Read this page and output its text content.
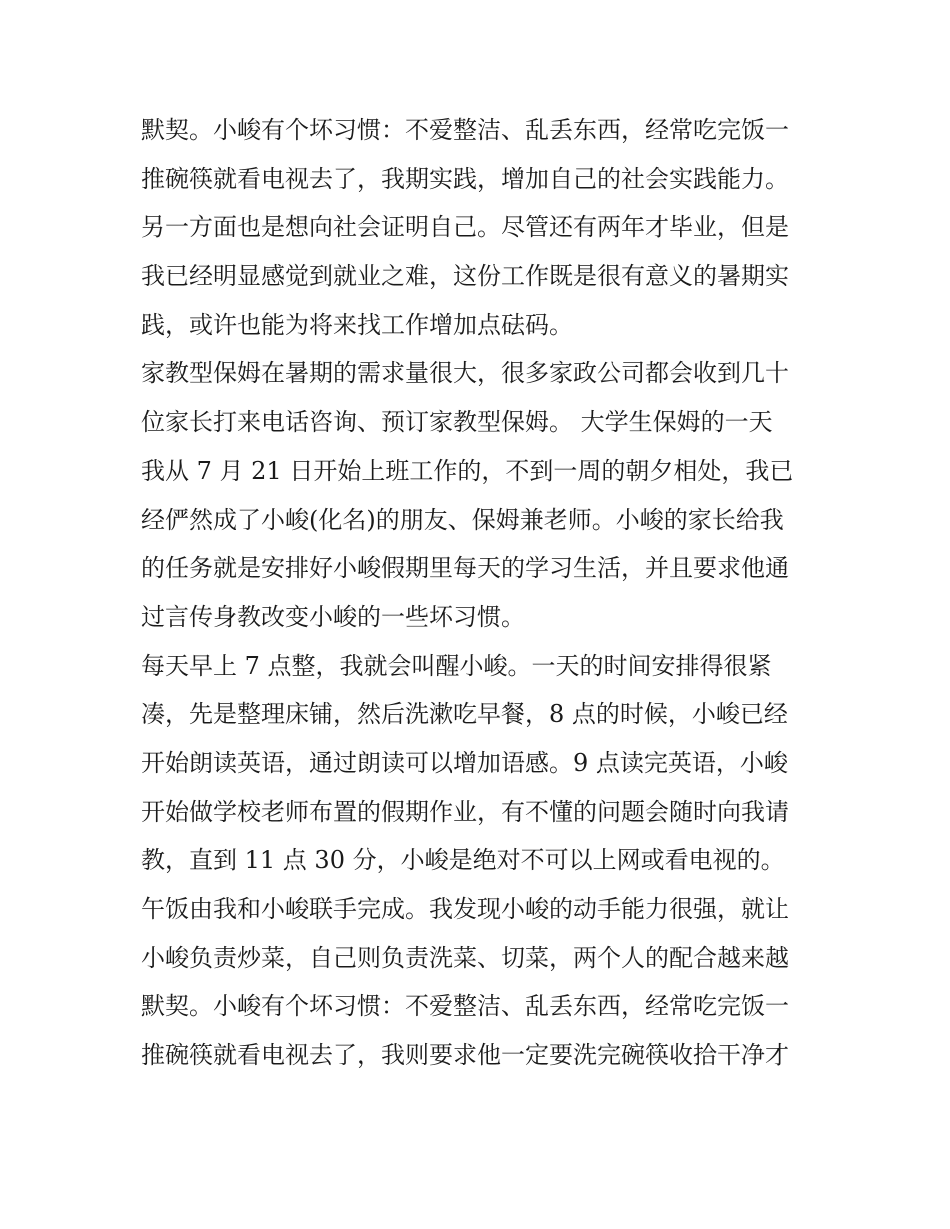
默契。小峻有个坏习惯：不爱整洁、乱丢东西，经常吃完饭一
推碗筷就看电视去了，我期实践，增加自己的社会实践能力。
另一方面也是想向社会证明自己。尽管还有两年才毕业，但是
我已经明显感觉到就业之难，这份工作既是很有意义的暑期实
践，或许也能为将来找工作增加点砝码。
家教型保姆在暑期的需求量很大，很多家政公司都会收到几十
位家长打来电话咨询、预订家教型保姆。 大学生保姆的一天
我从 7 月 21 日开始上班工作的，不到一周的朝夕相处，我已
经俨然成了小峻(化名)的朋友、保姆兼老师。小峻的家长给我
的任务就是安排好小峻假期里每天的学习生活，并且要求他通
过言传身教改变小峻的一些坏习惯。
每天早上 7 点整，我就会叫醒小峻。一天的时间安排得很紧
凑，先是整理床铺，然后洗漱吃早餐，8 点的时候，小峻已经
开始朗读英语，通过朗读可以增加语感。9 点读完英语，小峻
开始做学校老师布置的假期作业，有不懂的问题会随时向我请
教，直到 11 点 30 分，小峻是绝对不可以上网或看电视的。
午饭由我和小峻联手完成。我发现小峻的动手能力很强，就让
小峻负责炒菜，自己则负责洗菜、切菜，两个人的配合越来越
默契。小峻有个坏习惯：不爱整洁、乱丢东西，经常吃完饭一
推碗筷就看电视去了，我则要求他一定要洗完碗筷收拾干净才
